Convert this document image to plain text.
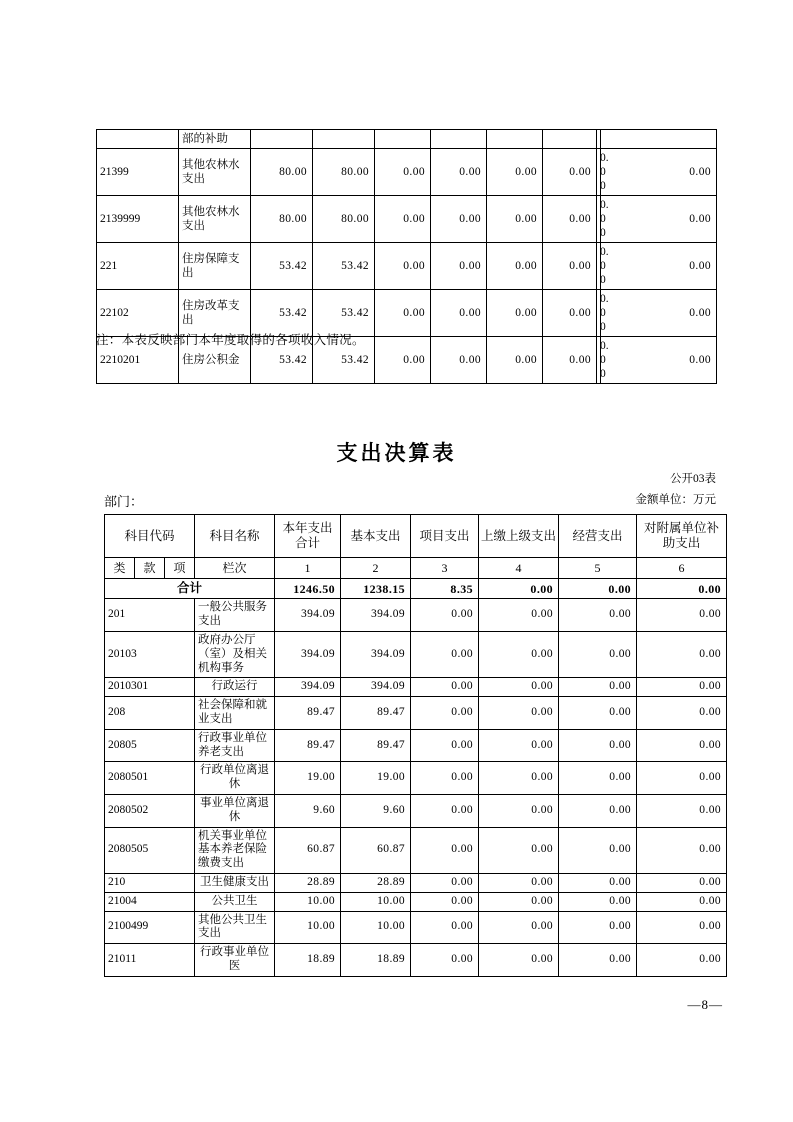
	部的补助								
21399	其他农林水支出	80.00	80.00	0.00	0.00	0.00	0.00	0.00	0.00
2139999	其他农林水支出	80.00	80.00	0.00	0.00	0.00	0.00	0.00	0.00
221	住房保障支出	53.42	53.42	0.00	0.00	0.00	0.00	0.00	0.00
22102	住房改革支出	53.42	53.42	0.00	0.00	0.00	0.00	0.00	0.00
2210201	住房公积金	53.42	53.42	0.00	0.00	0.00	0.00	0.00	0.00
注：本表反映部门本年度取得的各项收入情况。
支出决算表
公开03表
部门：	金额单位：万元
科目代码			科目名称	本年支出合计	基本支出	项目支出	上缴上级支出	经营支出	对附属单位补助支出

类	款	项	栏次	1	2	3	4	5	6
合计				1246.50	1238.15	8.35	0.00	0.00	0.00
201			一般公共服务支出	394.09	394.09	0.00	0.00	0.00	0.00
20103			政府办公厅（室）及相关机构事务	394.09	394.09	0.00	0.00	0.00	0.00
2010301			行政运行	394.09	394.09	0.00	0.00	0.00	0.00
208			社会保障和就业支出	89.47	89.47	0.00	0.00	0.00	0.00
20805			行政事业单位养老支出	89.47	89.47	0.00	0.00	0.00	0.00
2080501			行政单位离退休	19.00	19.00	0.00	0.00	0.00	0.00
2080502			事业单位离退休	9.60	9.60	0.00	0.00	0.00	0.00
2080505			机关事业单位基本养老保险缴费支出	60.87	60.87	0.00	0.00	0.00	0.00
210			卫生健康支出	28.89	28.89	0.00	0.00	0.00	0.00
21004			公共卫生	10.00	10.00	0.00	0.00	0.00	0.00
2100499			其他公共卫生支出	10.00	10.00	0.00	0.00	0.00	0.00
21011			行政事业单位医	18.89	18.89	0.00	0.00	0.00	0.00
—8—
